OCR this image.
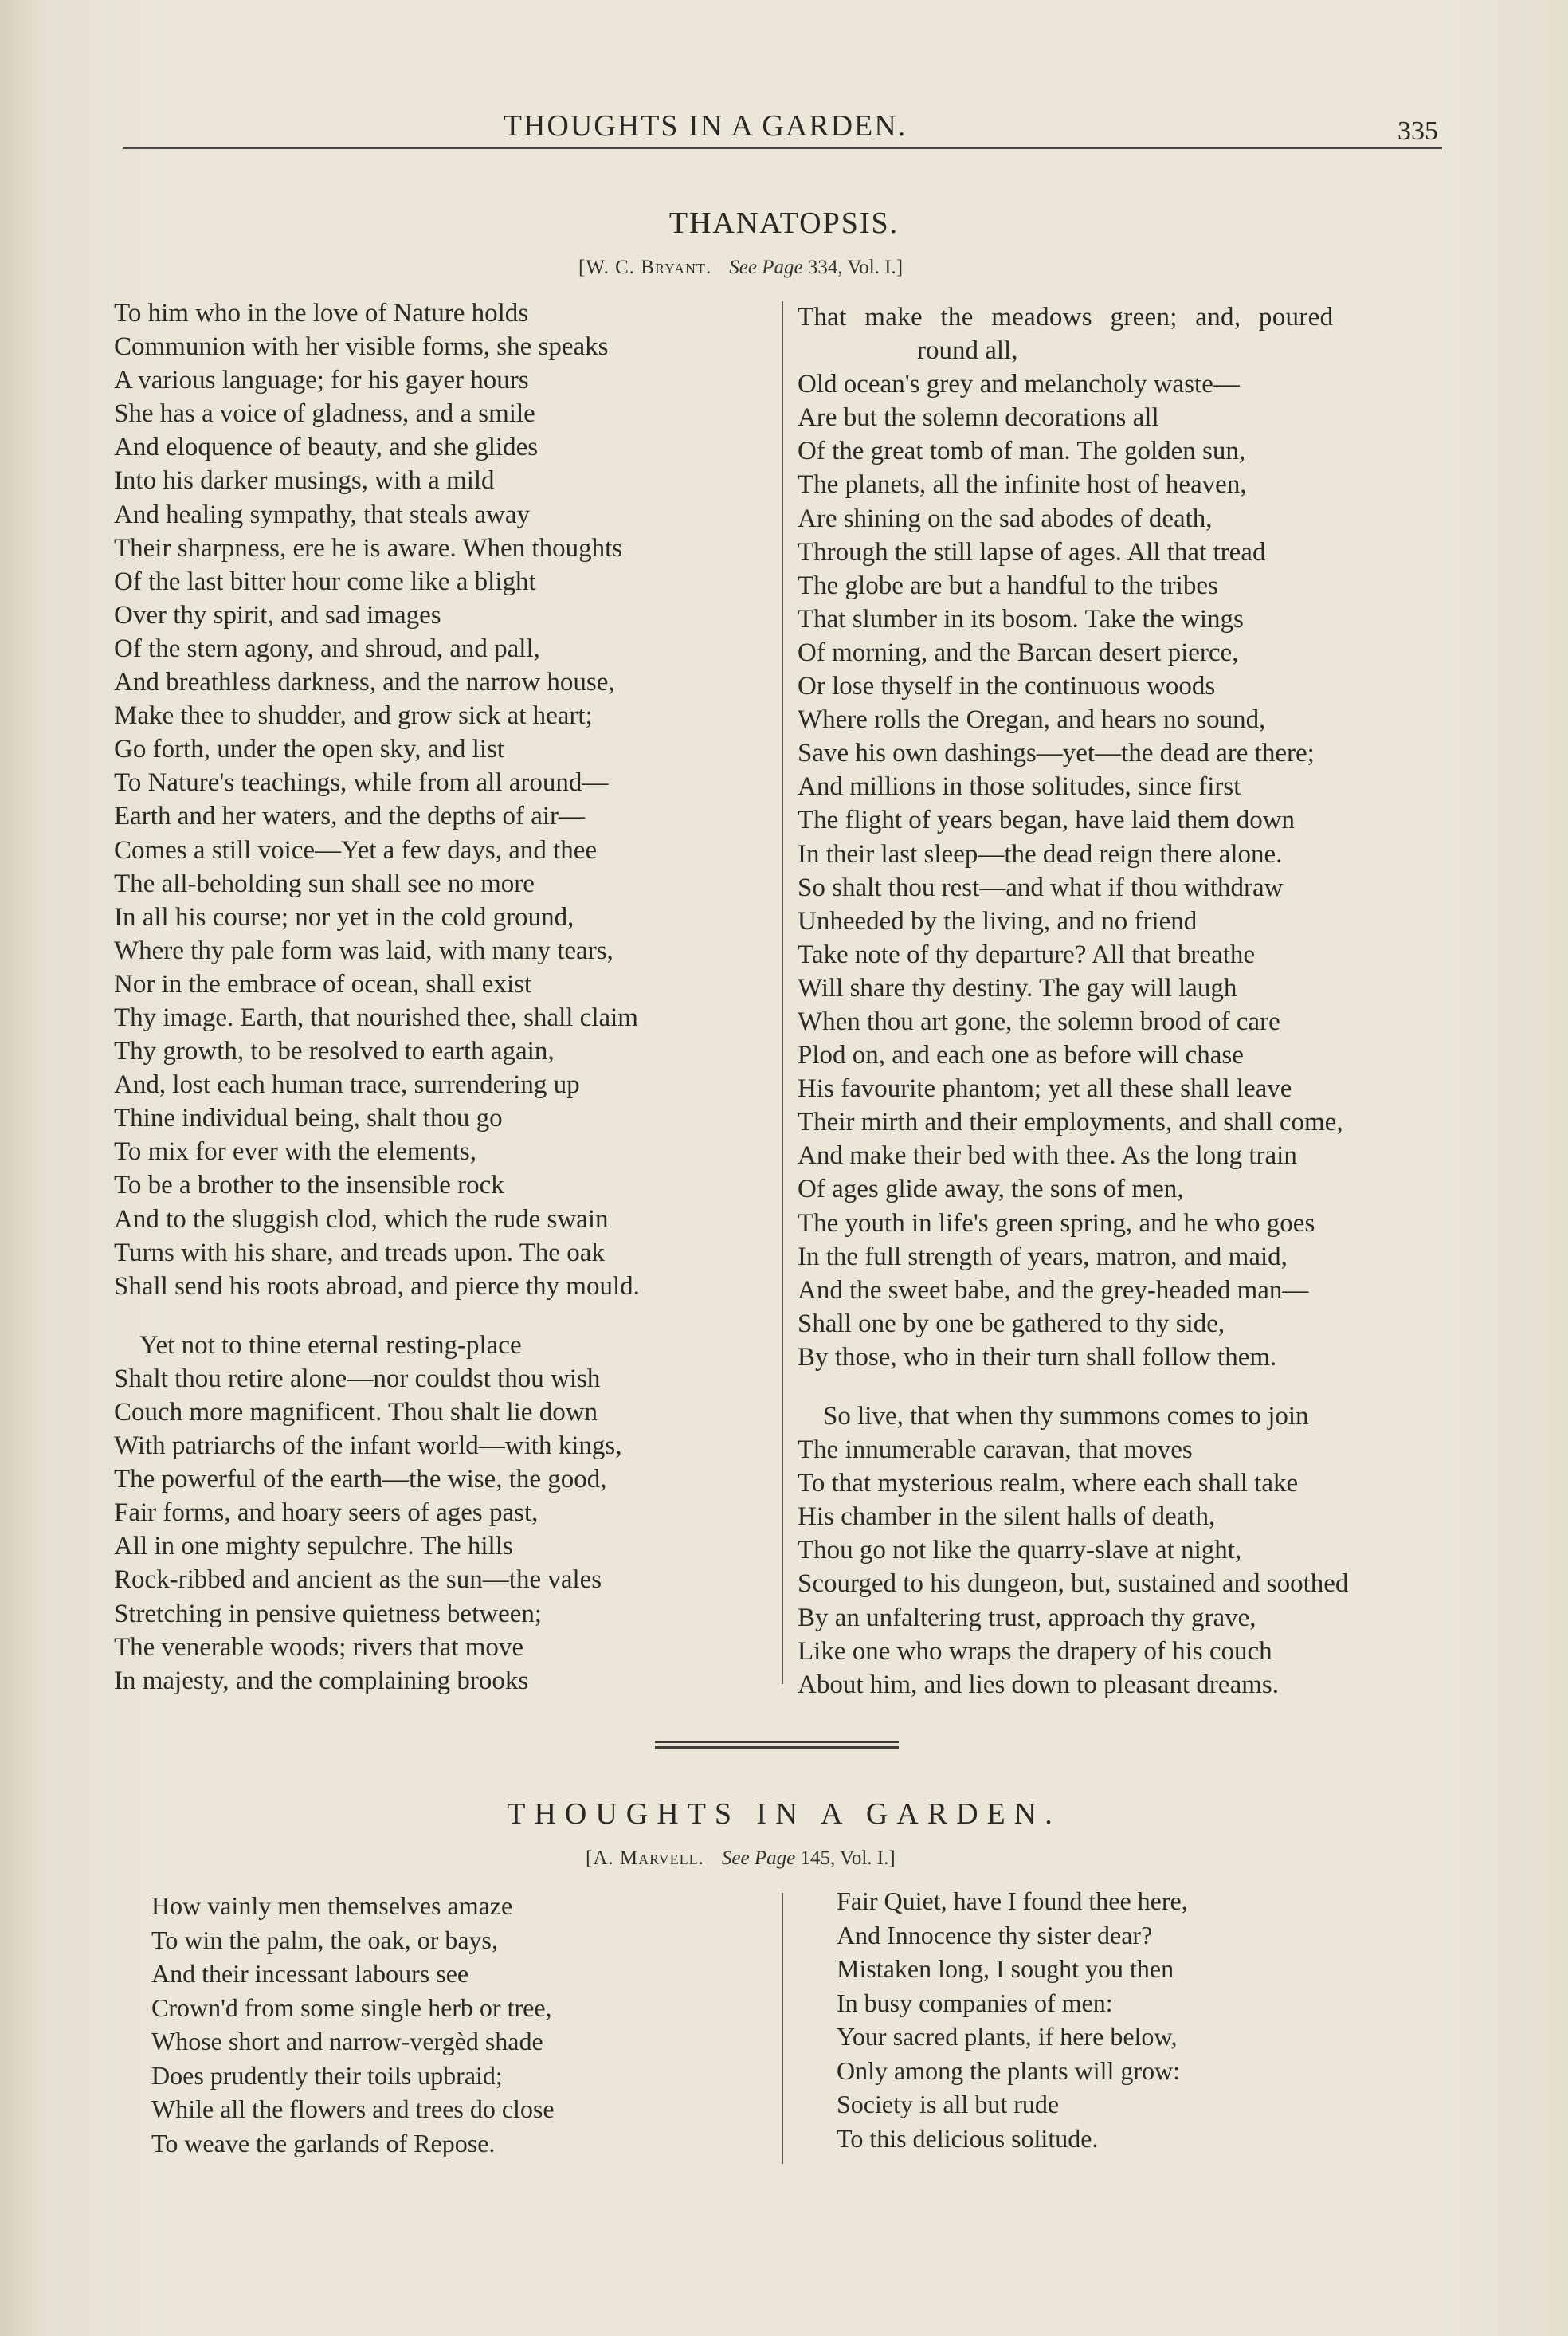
THOUGHTS IN A GARDEN.	335
THANATOPSIS.
[W. C. Bryant. See Page 334, Vol. I.]
To him who in the love of Nature holds
Communion with her visible forms, she speaks
A various language; for his gayer hours
She has a voice of gladness, and a smile
And eloquence of beauty, and she glides
Into his darker musings, with a mild
And healing sympathy, that steals away
Their sharpness, ere he is aware. When thoughts
Of the last bitter hour come like a blight
Over thy spirit, and sad images
Of the stern agony, and shroud, and pall,
And breathless darkness, and the narrow house,
Make thee to shudder, and grow sick at heart;
Go forth, under the open sky, and list
To Nature's teachings, while from all around—
Earth and her waters, and the depths of air—
Comes a still voice—Yet a few days, and thee
The all-beholding sun shall see no more
In all his course; nor yet in the cold ground,
Where thy pale form was laid, with many tears,
Nor in the embrace of ocean, shall exist
Thy image. Earth, that nourished thee, shall claim
Thy growth, to be resolved to earth again,
And, lost each human trace, surrendering up
Thine individual being, shalt thou go
To mix for ever with the elements,
To be a brother to the insensible rock
And to the sluggish clod, which the rude swain
Turns with his share, and treads upon. The oak
Shall send his roots abroad, and pierce thy mould.
Yet not to thine eternal resting-place
Shalt thou retire alone—nor couldst thou wish
Couch more magnificent. Thou shalt lie down
With patriarchs of the infant world—with kings,
The powerful of the earth—the wise, the good,
Fair forms, and hoary seers of ages past,
All in one mighty sepulchre. The hills
Rock-ribbed and ancient as the sun—the vales
Stretching in pensive quietness between;
The venerable woods; rivers that move
In majesty, and the complaining brooks
That make the meadows green; and, poured
round all,
Old ocean's grey and melancholy waste—
Are but the solemn decorations all
Of the great tomb of man. The golden sun,
The planets, all the infinite host of heaven,
Are shining on the sad abodes of death,
Through the still lapse of ages. All that tread
The globe are but a handful to the tribes
That slumber in its bosom. Take the wings
Of morning, and the Barcan desert pierce,
Or lose thyself in the continuous woods
Where rolls the Oregan, and hears no sound,
Save his own dashings—yet—the dead are there;
And millions in those solitudes, since first
The flight of years began, have laid them down
In their last sleep—the dead reign there alone.
So shalt thou rest—and what if thou withdraw
Unheeded by the living, and no friend
Take note of thy departure? All that breathe
Will share thy destiny. The gay will laugh
When thou art gone, the solemn brood of care
Plod on, and each one as before will chase
His favourite phantom; yet all these shall leave
Their mirth and their employments, and shall come,
And make their bed with thee. As the long train
Of ages glide away, the sons of men,
The youth in life's green spring, and he who goes
In the full strength of years, matron, and maid,
And the sweet babe, and the grey-headed man—
Shall one by one be gathered to thy side,
By those, who in their turn shall follow them.
So live, that when thy summons comes to join
The innumerable caravan, that moves
To that mysterious realm, where each shall take
His chamber in the silent halls of death,
Thou go not like the quarry-slave at night,
Scourged to his dungeon, but, sustained and soothed
By an unfaltering trust, approach thy grave,
Like one who wraps the drapery of his couch
About him, and lies down to pleasant dreams.
THOUGHTS IN A GARDEN.
[A. Marvell. See Page 145, Vol. I.]
How vainly men themselves amaze
To win the palm, the oak, or bays,
And their incessant labours see
Crown'd from some single herb or tree,
Whose short and narrow-vergèd shade
Does prudently their toils upbraid;
While all the flowers and trees do close
To weave the garlands of Repose.
Fair Quiet, have I found thee here,
And Innocence thy sister dear?
Mistaken long, I sought you then
In busy companies of men:
Your sacred plants, if here below,
Only among the plants will grow:
Society is all but rude
To this delicious solitude.
